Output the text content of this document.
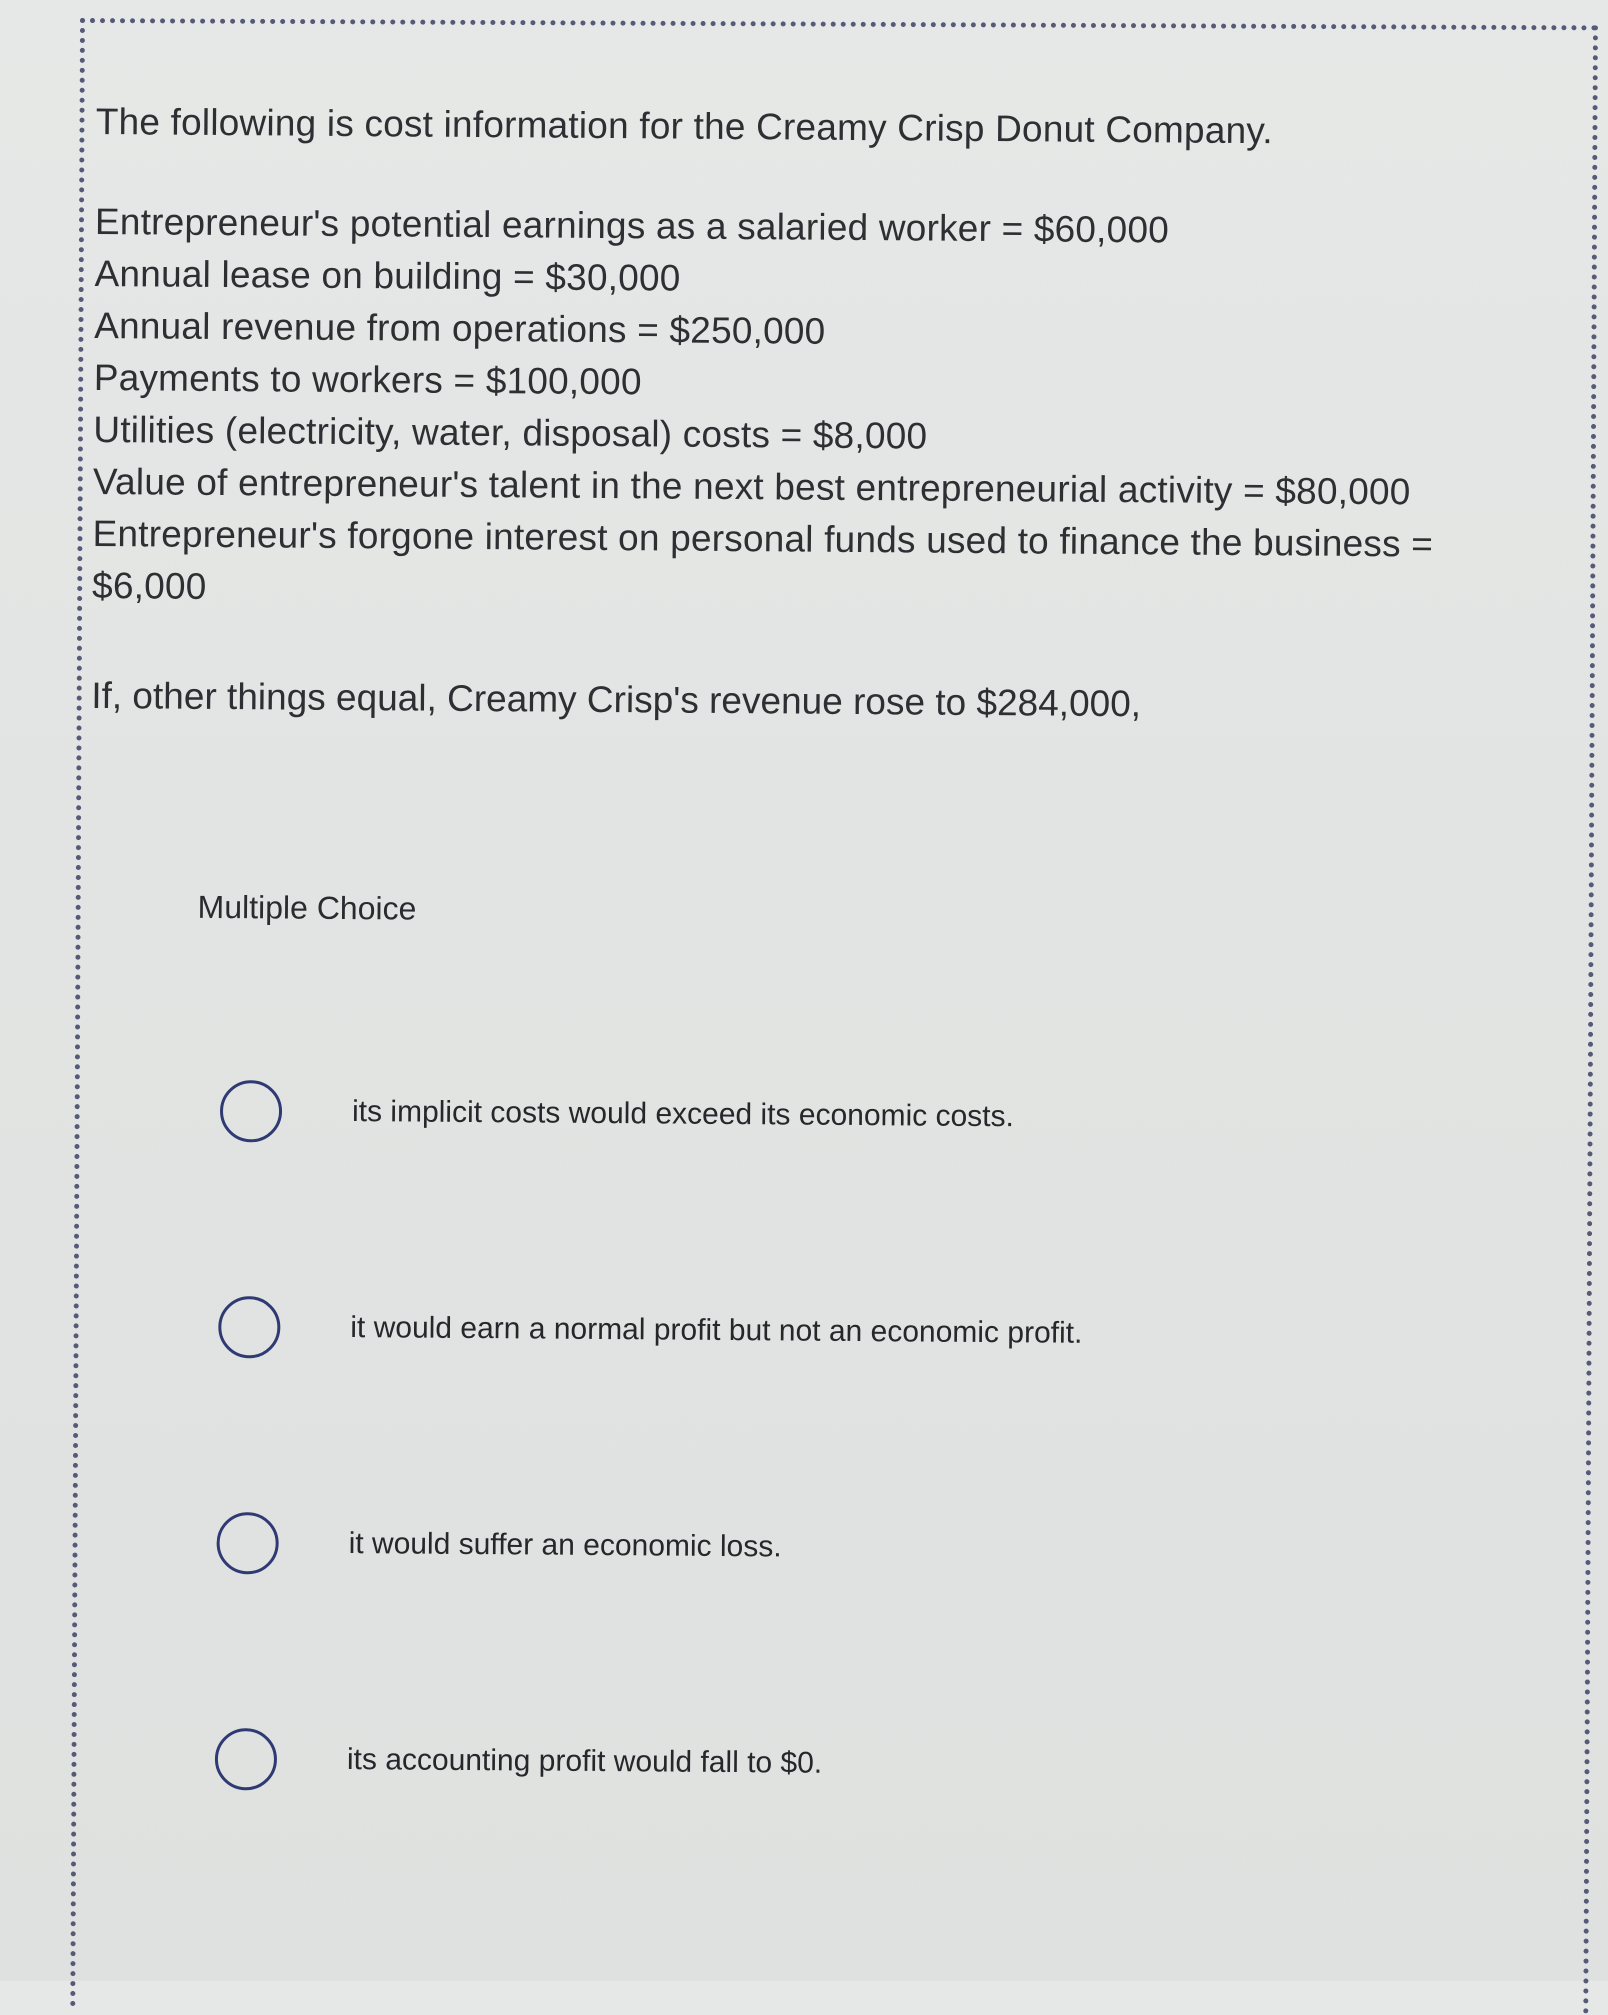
The following is cost information for the Creamy Crisp Donut Company.

Entrepreneur's potential earnings as a salaried worker = $60,000
Annual lease on building = $30,000
Annual revenue from operations = $250,000
Payments to workers = $100,000
Utilities (electricity, water, disposal) costs = $8,000
Value of entrepreneur's talent in the next best entrepreneurial activity = $80,000
Entrepreneur's forgone interest on personal funds used to finance the business = $6,000

If, other things equal, Creamy Crisp's revenue rose to $284,000,

Multiple Choice
its implicit costs would exceed its economic costs.
it would earn a normal profit but not an economic profit.
it would suffer an economic loss.
its accounting profit would fall to $0.
